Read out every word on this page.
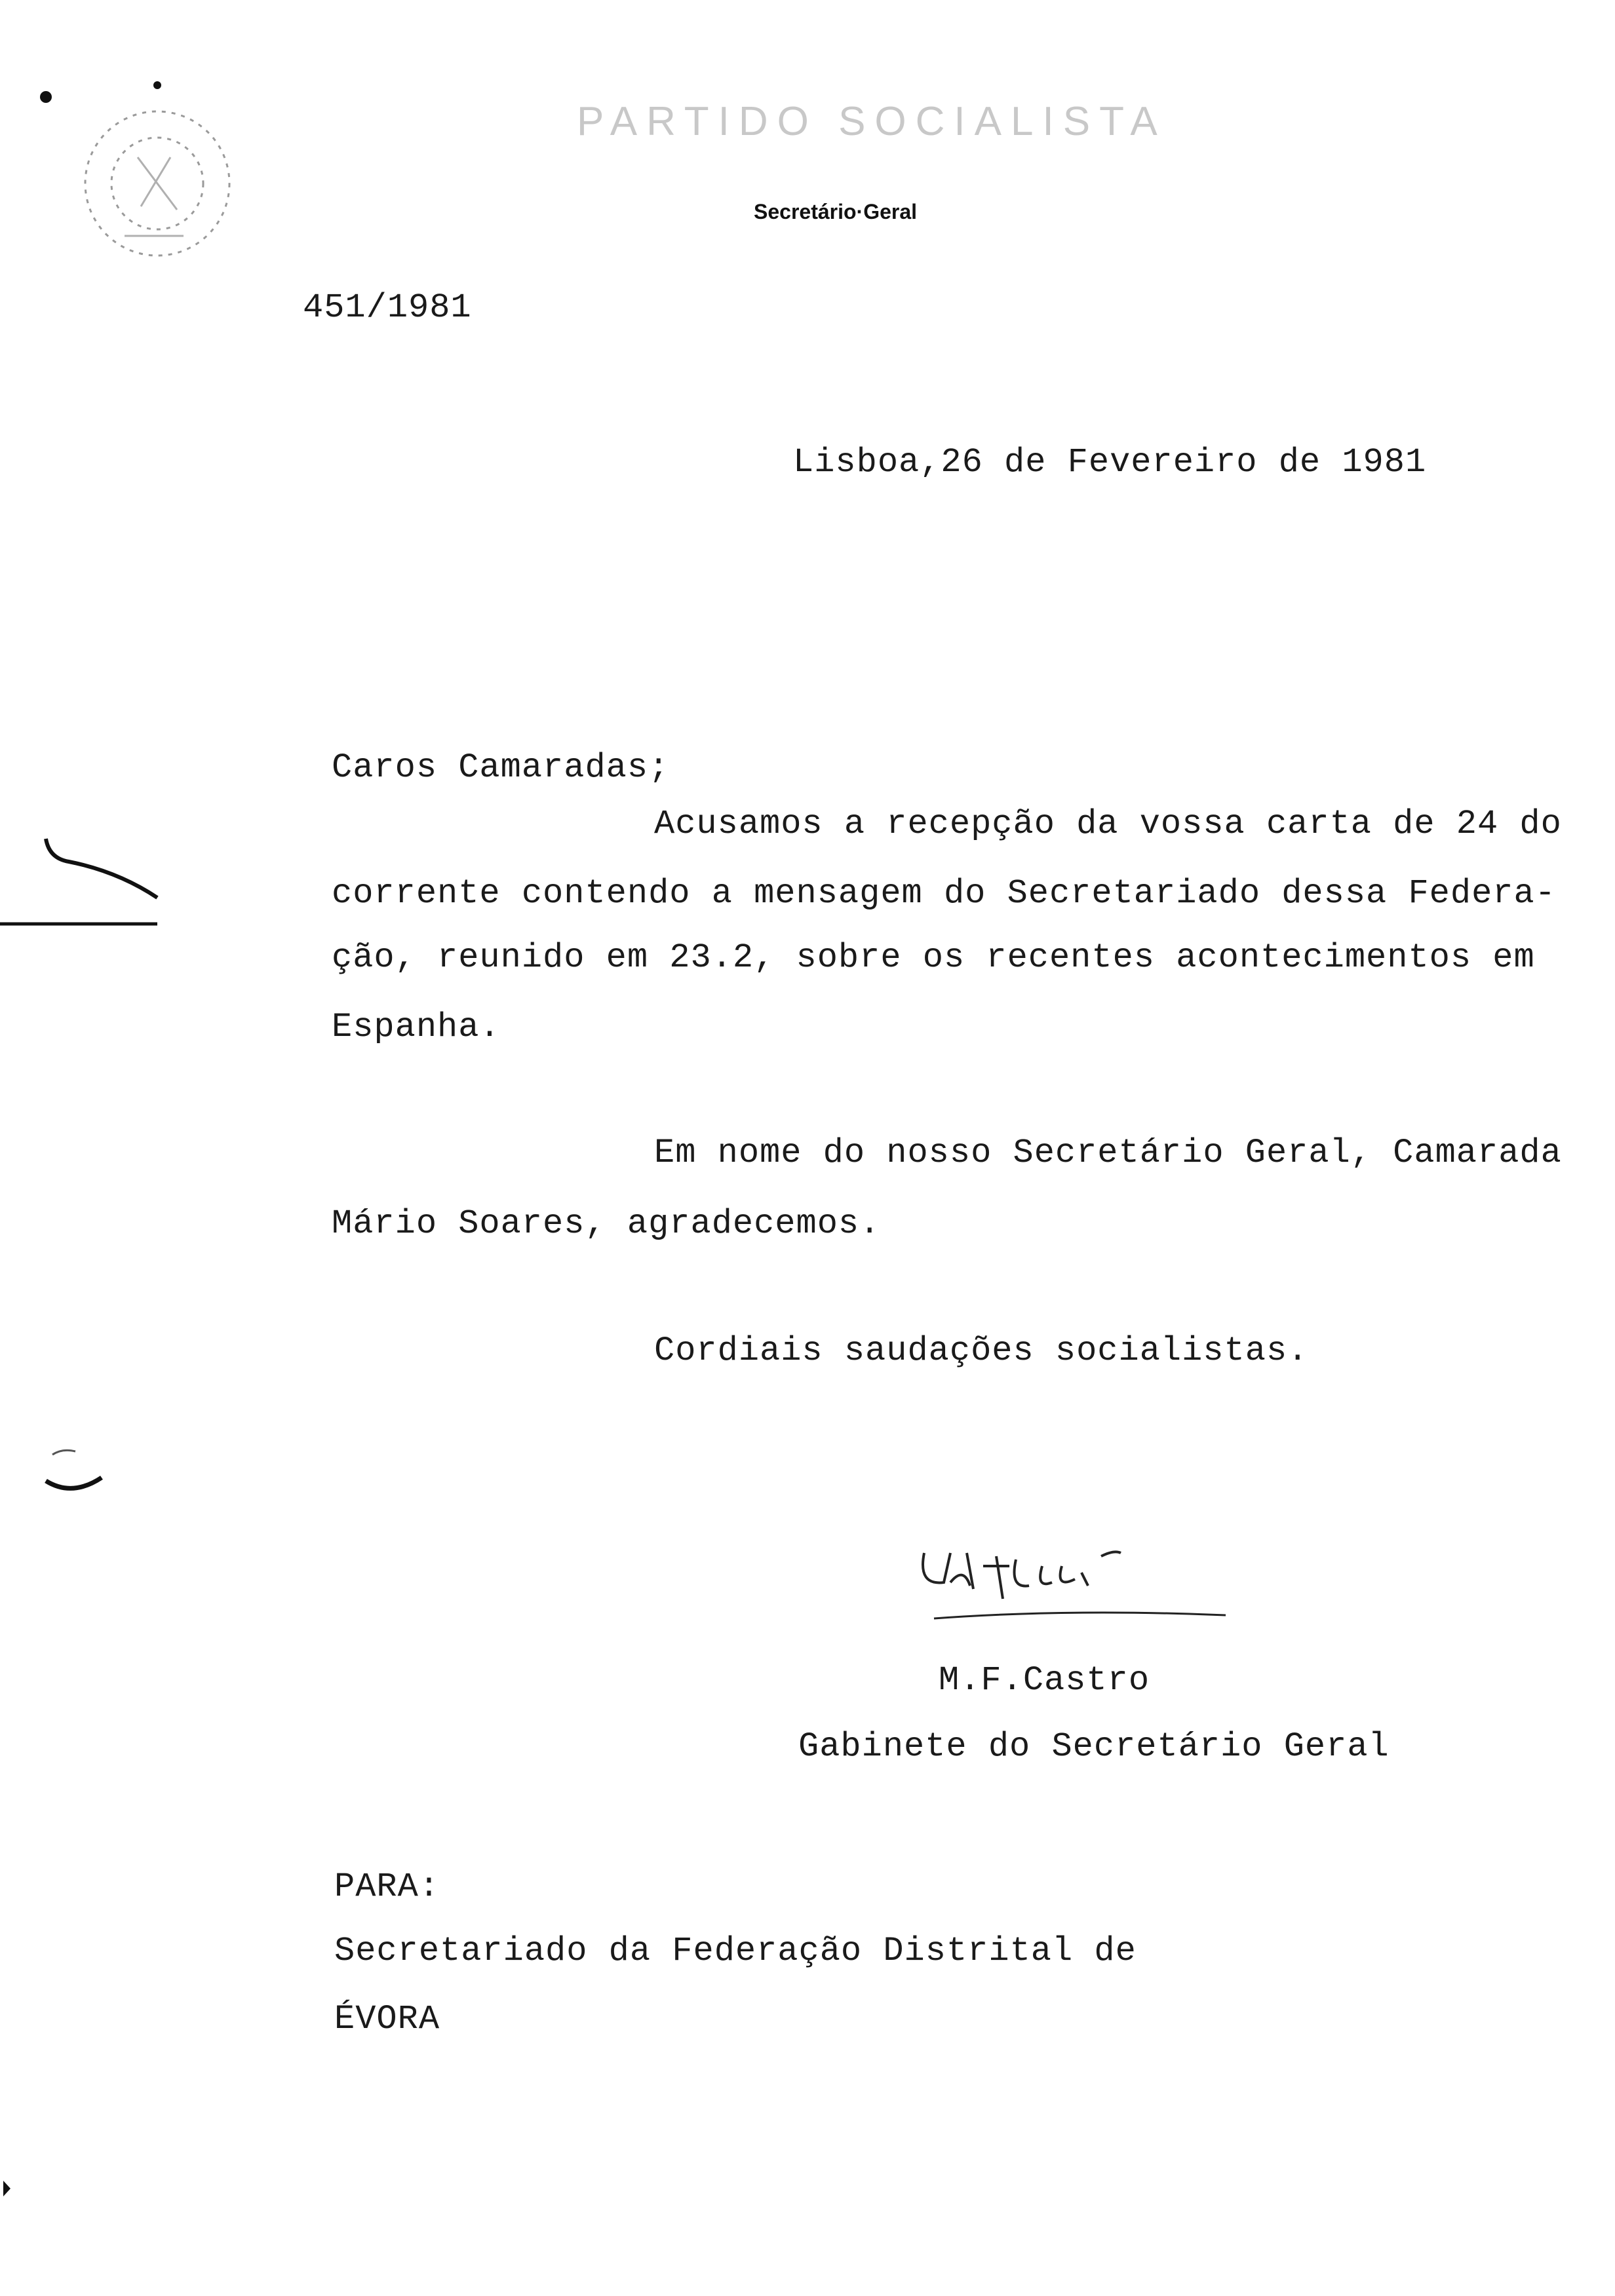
PARTIDO SOCIALISTA
Secretário·Geral
451/1981
Lisboa,26 de Fevereiro de 1981
Caros Camaradas;
Acusamos a recepção da vossa carta de 24 do
corrente contendo a mensagem do Secretariado dessa Federa-
ção, reunido em 23.2, sobre os recentes acontecimentos em
Espanha.
Em nome do nosso Secretário Geral, Camarada
Mário Soares, agradecemos.
Cordiais saudações socialistas.
M.F.Castro
Gabinete do Secretário Geral
PARA:
Secretariado da Federação Distrital de
ÉVORA
